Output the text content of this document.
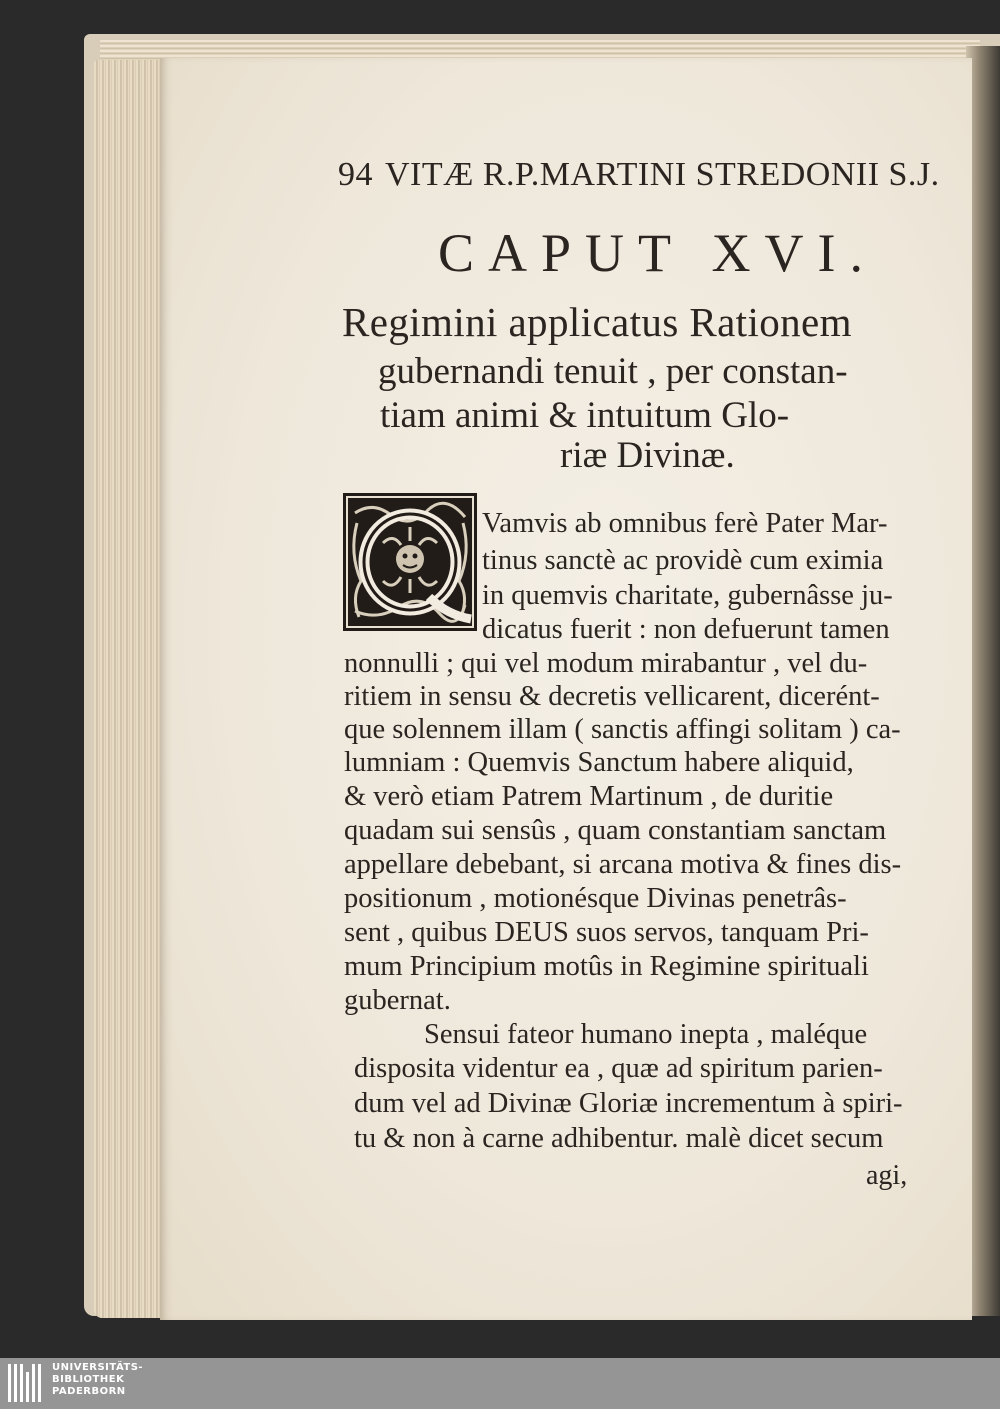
94 VITÆ R.P.MARTINI STREDONII S.J.
CAPUT XVI.
Regimini applicatus Rationem
gubernandi tenuit , per constan-
tiam animi & intuitum Glo-
riæ Divinæ.
Vamvis ab omnibus ferè Pater Mar-
tinus sanctè ac providè cum eximia
in quemvis charitate, gubernâsse ju-
dicatus fuerit : non defuerunt tamen
nonnulli ; qui vel modum mirabantur , vel du-
ritiem in sensu & decretis vellicarent, dicerént-
que solennem illam ( sanctis affingi solitam ) ca-
lumniam : Quemvis Sanctum habere aliquid,
& verò etiam Patrem Martinum , de duritie
quadam sui sensûs , quam constantiam sanctam
appellare debebant, si arcana motiva & fines dis-
positionum , motionésque Divinas penetrâs-
sent , quibus DEUS suos servos, tanquam Pri-
mum Principium motûs in Regimine spirituali
gubernat.
Sensui fateor humano inepta , maléque
disposita videntur ea , quæ ad spiritum parien-
dum vel ad Divinæ Gloriæ incrementum à spiri-
tu & non à carne adhibentur. malè dicet secum
agi,
UNIVERSITÄTS-
BIBLIOTHEK
PADERBORN
